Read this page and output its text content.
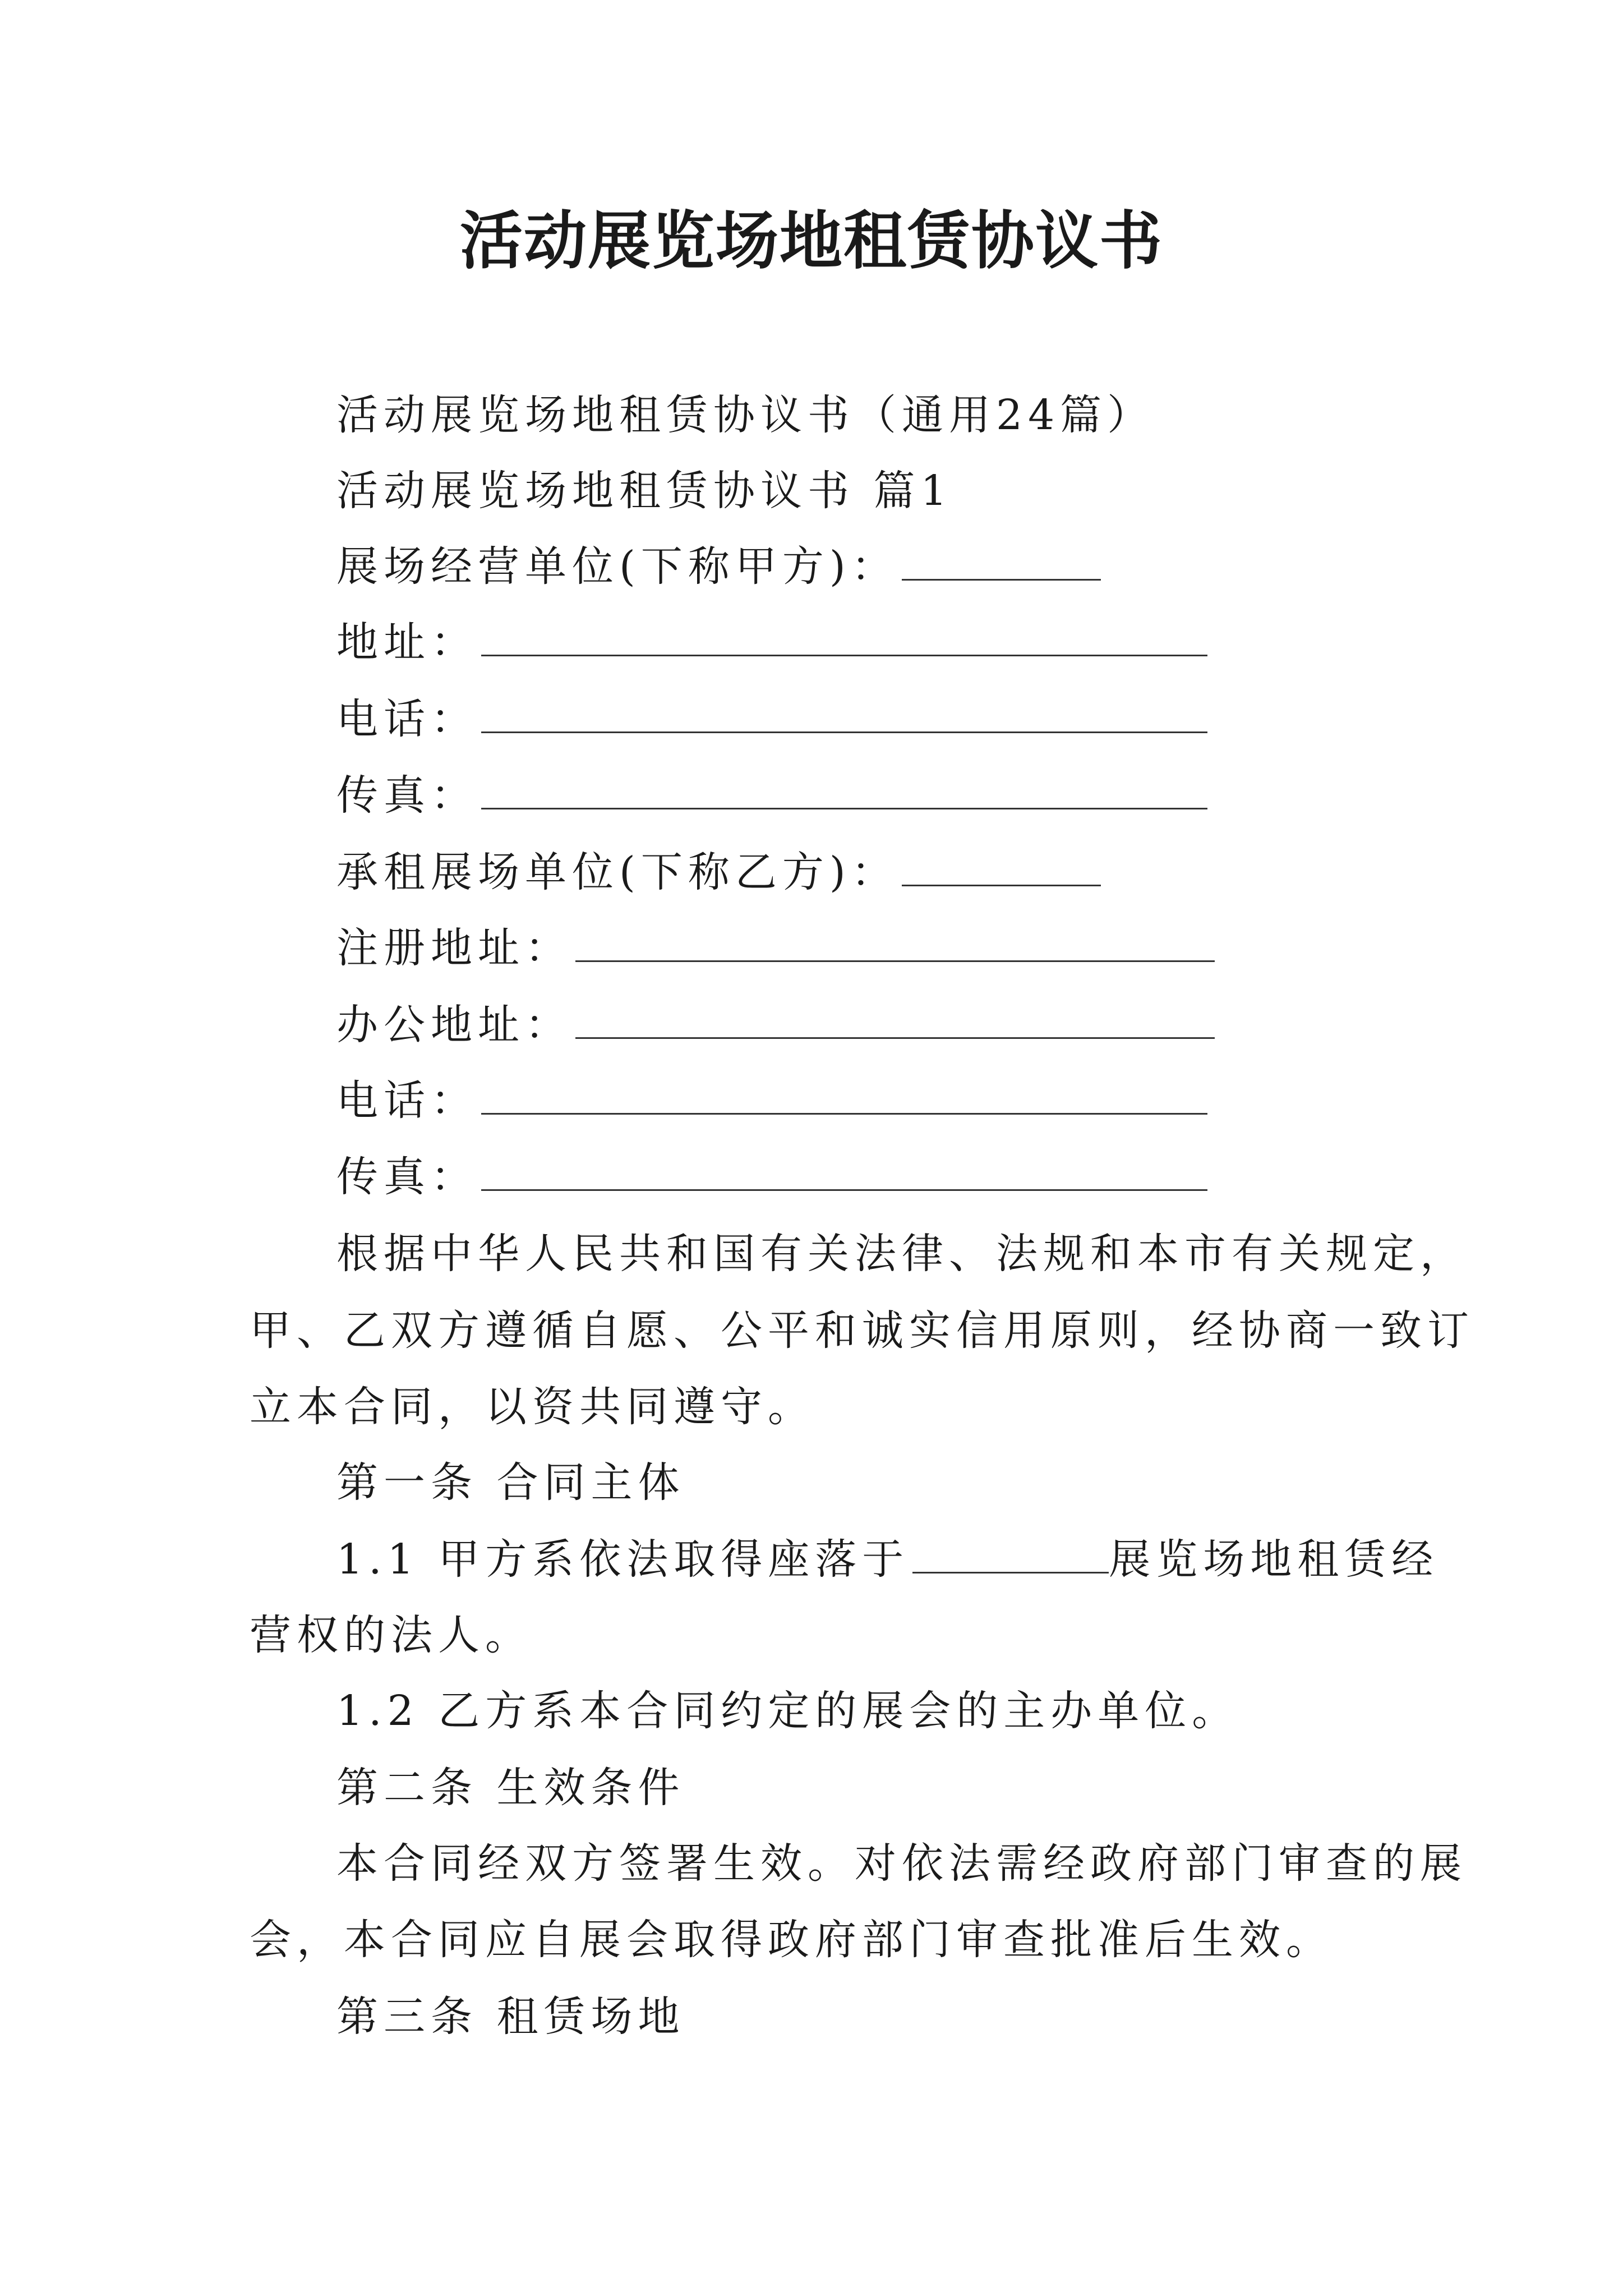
活动展览场地租赁协议书
活动展览场地租赁协议书（通用24篇）
活动展览场地租赁协议书 篇1
展场经营单位(下称甲方)：
地址：
电话：
传真：
承租展场单位(下称乙方)：
注册地址：
办公地址：
电话：
传真：
根据中华人民共和国有关法律、法规和本市有关规定，
甲、乙双方遵循自愿、公平和诚实信用原则，经协商一致订
立本合同，以资共同遵守。
第一条 合同主体
1.1 甲方系依法取得座落于	展览场地租赁经
营权的法人。
1.2 乙方系本合同约定的展会的主办单位。
第二条 生效条件
本合同经双方签署生效。对依法需经政府部门审查的展
会，本合同应自展会取得政府部门审查批准后生效。
第三条 租赁场地
